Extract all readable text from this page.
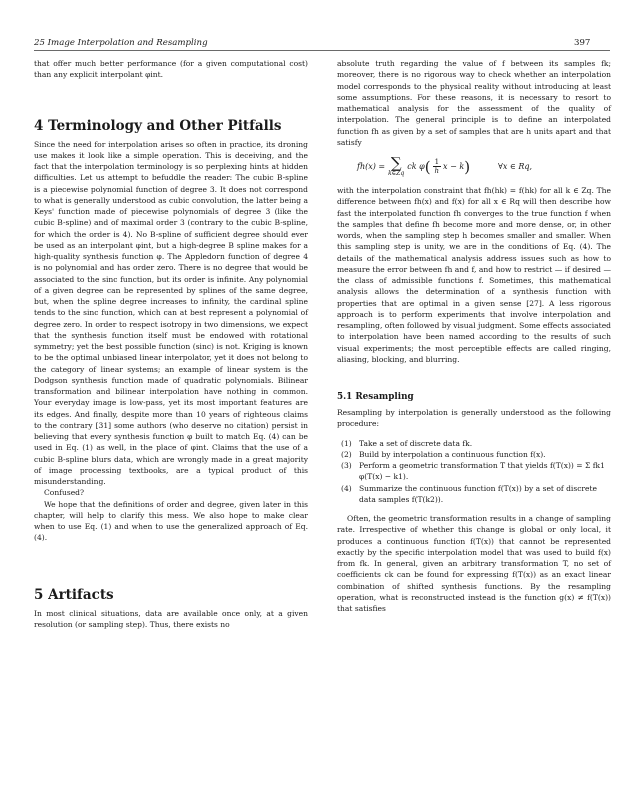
25 Image Interpolation and Resampling	397

that offer much better performance (for a given computational cost) than any explicit interpolant φint.

4 Terminology and Other Pitfalls

Since the need for interpolation arises so often in practice, its droning use makes it look like a simple operation. This is deceiving, and the fact that the interpolation terminology is so perplexing hints at hidden difficulties. Let us attempt to befuddle the reader: The cubic B-spline is a piecewise polynomial function of degree 3. It does not correspond to what is generally understood as cubic convolution, the latter being a Keys' function made of piecewise polynomials of degree 3 (like the cubic B-spline) and of maximal order 3 (contrary to the cubic B-spline, for which the order is 4). No B-spline of sufficient degree should ever be used as an interpolant φint, but a high-degree B spline makes for a high-quality synthesis function φ. The Appledorn function of degree 4 is no polynomial and has order zero. There is no degree that would be associated to the sinc function, but its order is infinite. Any polynomial of a given degree can be represented by splines of the same degree, but, when the spline degree increases to infinity, the cardinal spline tends to the sinc function, which can at best represent a polynomial of degree zero. In order to respect isotropy in two dimensions, we expect that the synthesis function itself must be endowed with rotational symmetry; yet the best possible function (sinc) is not. Kriging is known to be the optimal unbiased linear interpolator, yet it does not belong to the category of linear systems; an example of linear system is the Dodgson synthesis function made of quadratic polynomials. Bilinear transformation and bilinear interpolation have nothing in common. Your everyday image is low-pass, yet its most important features are its edges. And finally, despite more than 10 years of righteous claims to the contrary [31] some authors (who deserve no citation) persist in believing that every synthesis function φ built to match Eq. (4) can be used in Eq. (1) as well, in the place of φint. Claims that the use of a cubic B-spline blurs data, which are wrongly made in a great majority of image processing textbooks, are a typical product of this misunderstanding.

Confused?

We hope that the definitions of order and degree, given later in this chapter, will help to clarify this mess. We also hope to make clear when to use Eq. (1) and when to use the generalized approach of Eq. (4).

5 Artifacts

In most clinical situations, data are available once only, at a given resolution (or sampling step). Thus, there exists no

absolute truth regarding the value of f between its samples fk; moreover, there is no rigorous way to check whether an interpolation model corresponds to the physical reality without introducing at least some assumptions. For these reasons, it is necessary to resort to mathematical analysis for the assessment of the quality of interpolation. The general principle is to define an interpolated function fh as given by a set of samples that are h units apart and that satisfy

fh(x) = ∑
k∈Zq
ck φ ( $\frac{1}{h}$ x − k )	∀x ∈ Rq,

with the interpolation constraint that fh(hk) = f(hk) for all k ∈ Zq. The difference between fh(x) and f(x) for all x ∈ Rq will then describe how fast the interpolated function fh converges to the true function f when the samples that define fh become more and more dense, or, in other words, when the sampling step h becomes smaller and smaller. When this sampling step is unity, we are in the conditions of Eq. (4). The details of the mathematical analysis address issues such as how to measure the error between fh and f, and how to restrict — if desired — the class of admissible functions f. Sometimes, this mathematical analysis allows the determination of a synthesis function with properties that are optimal in a given sense [27]. A less rigorous approach is to perform experiments that involve interpolation and resampling, often followed by visual judgment. Some effects associated to interpolation have been named according to the results of such visual experiments; the most perceptible effects are called ringing, aliasing, blocking, and blurring.

5.1 Resampling

Resampling by interpolation is generally understood as the following procedure:

(1) Take a set of discrete data fk.
(2) Build by interpolation a continuous function f(x).
(3) Perform a geometric transformation T that yields f(T(x)) = Σ fk1 φ(T(x) − k1).
(4) Summarize the continuous function f(T(x)) by a set of discrete data samples f(T(k2)).

Often, the geometric transformation results in a change of sampling rate. Irrespective of whether this change is global or only local, it produces a continuous function f(T(x)) that cannot be represented exactly by the specific interpolation model that was used to build f(x) from fk. In general, given an arbitrary transformation T, no set of coefficients ck can be found for expressing f(T(x)) as an exact linear combination of shifted synthesis functions. By the resampling operation, what is reconstructed instead is the function g(x) ≠ f(T(x)) that satisfies
